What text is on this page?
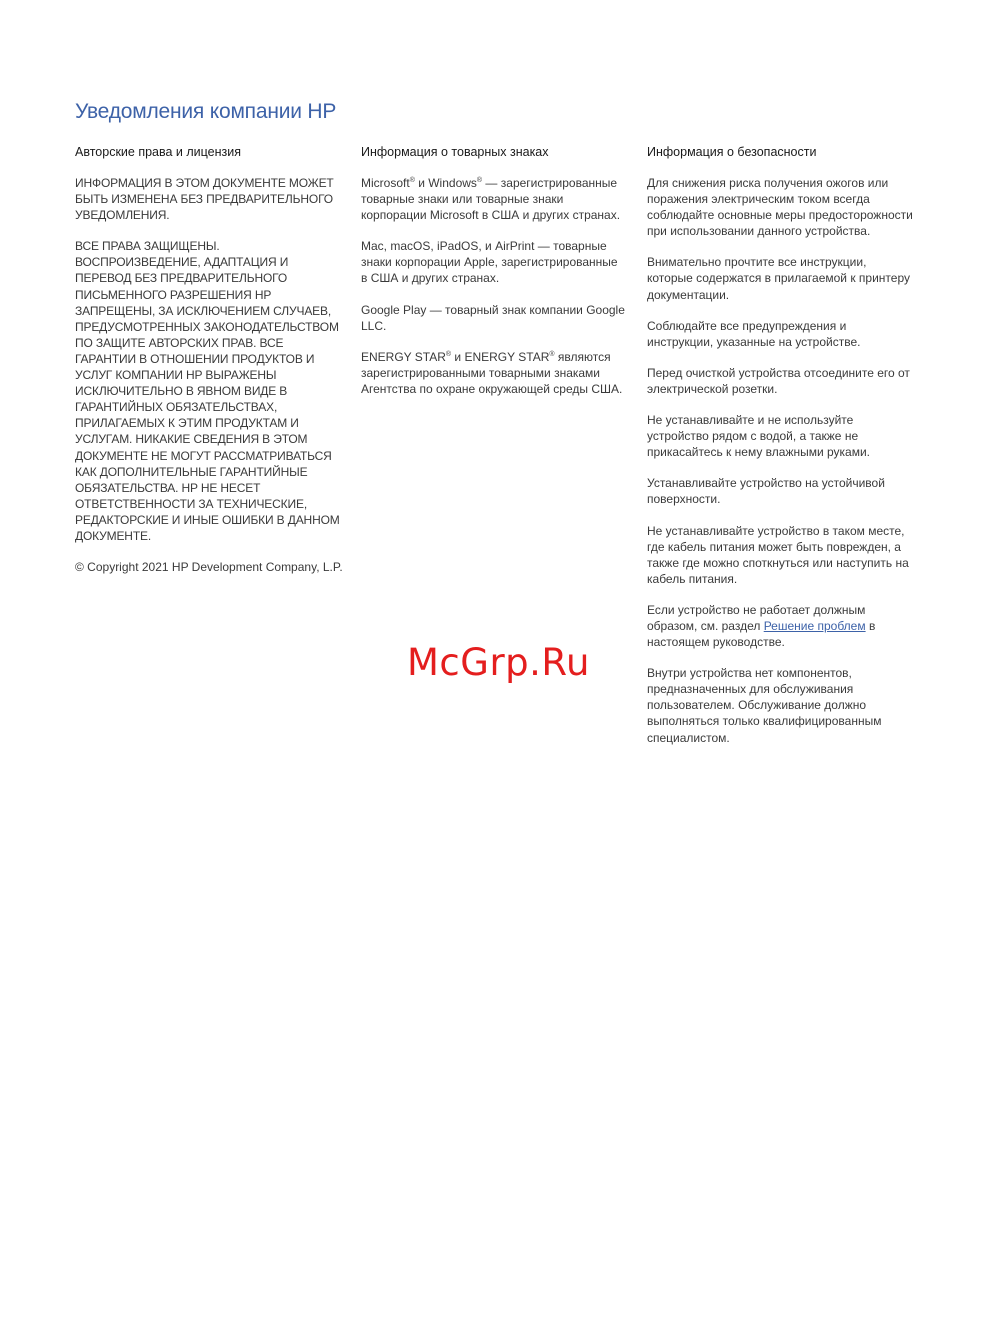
Уведомления компании HP
Авторские права и лицензия

ИНФОРМАЦИЯ В ЭТОМ ДОКУМЕНТЕ МОЖЕТ БЫТЬ ИЗМЕНЕНА БЕЗ ПРЕДВАРИТЕЛЬНОГО УВЕДОМЛЕНИЯ.

ВСЕ ПРАВА ЗАЩИЩЕНЫ. ВОСПРОИЗВЕДЕНИЕ, АДАПТАЦИЯ И ПЕРЕВОД БЕЗ ПРЕДВАРИТЕЛЬНОГО ПИСЬМЕННОГО РАЗРЕШЕНИЯ HP ЗАПРЕЩЕНЫ, ЗА ИСКЛЮЧЕНИЕМ СЛУЧАЕВ, ПРЕДУСМОТРЕННЫХ ЗАКОНОДАТЕЛЬСТВОМ ПО ЗАЩИТЕ АВТОРСКИХ ПРАВ. ВСЕ ГАРАНТИИ В ОТНОШЕНИИ ПРОДУКТОВ И УСЛУГ КОМПАНИИ HP ВЫРАЖЕНЫ ИСКЛЮЧИТЕЛЬНО В ЯВНОМ ВИДЕ В ГАРАНТИЙНЫХ ОБЯЗАТЕЛЬСТВАХ, ПРИЛАГАЕМЫХ К ЭТИМ ПРОДУКТАМ И УСЛУГАМ. НИКАКИЕ СВЕДЕНИЯ В ЭТОМ ДОКУМЕНТЕ НЕ МОГУТ РАССМАТРИВАТЬСЯ КАК ДОПОЛНИТЕЛЬНЫЕ ГАРАНТИЙНЫЕ ОБЯЗАТЕЛЬСТВА. HP НЕ НЕСЕТ ОТВЕТСТВЕННОСТИ ЗА ТЕХНИЧЕСКИЕ, РЕДАКТОРСКИЕ И ИНЫЕ ОШИБКИ В ДАННОМ ДОКУМЕНТЕ.

© Copyright 2021 HP Development Company, L.P.

Информация о товарных знаках

Microsoft® и Windows® — зарегистрированные товарные знаки или товарные знаки корпорации Microsoft в США и других странах.

Mac, macOS, iPadOS, и AirPrint — товарные знаки корпорации Apple, зарегистрированные в США и других странах.

Google Play — товарный знак компании Google LLC.

ENERGY STAR® и ENERGY STAR® являются зарегистрированными товарными знаками Агентства по охране окружающей среды США.

Информация о безопасности

Для снижения риска получения ожогов или поражения электрическим током всегда соблюдайте основные меры предосторожности при использовании данного устройства.

Внимательно прочтите все инструкции, которые содержатся в прилагаемой к принтеру документации.

Соблюдайте все предупреждения и инструкции, указанные на устройстве.

Перед очисткой устройства отсоедините его от электрической розетки.

Не устанавливайте и не используйте устройство рядом с водой, а также не прикасайтесь к нему влажными руками.

Устанавливайте устройство на устойчивой поверхности.

Не устанавливайте устройство в таком месте, где кабель питания может быть поврежден, а также где можно споткнуться или наступить на кабель питания.

Если устройство не работает должным образом, см. раздел Решение проблем в настоящем руководстве.

Внутри устройства нет компонентов, предназначенных для обслуживания пользователем. Обслуживание должно выполняться только квалифицированным специалистом.

McGrp.Ru
